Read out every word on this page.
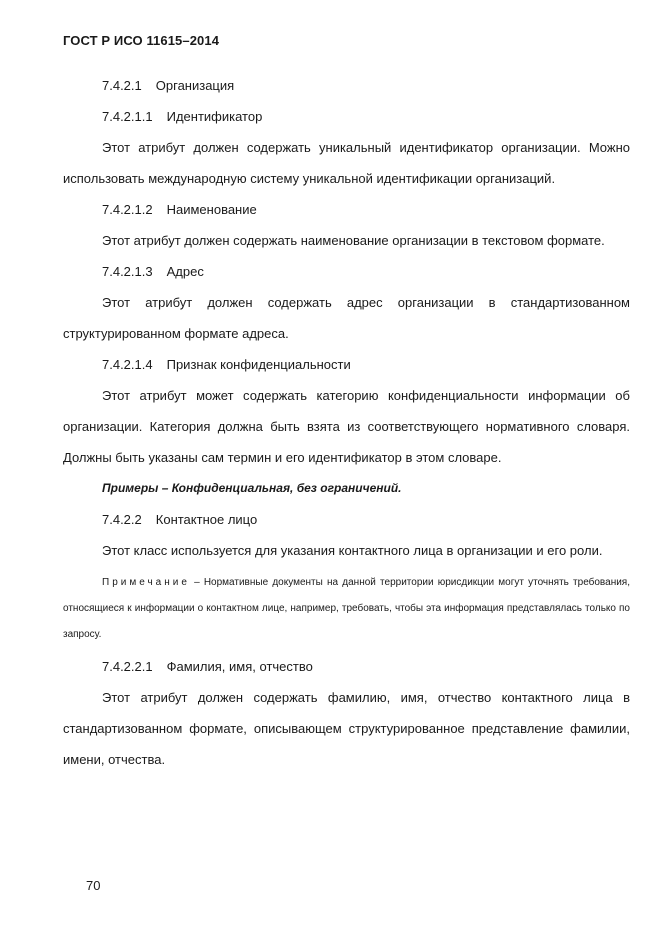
ГОСТ Р ИСО 11615–2014
7.4.2.1 Организация
7.4.2.1.1 Идентификатор

Этот атрибут должен содержать уникальный идентификатор организации. Можно использовать международную систему уникальной идентификации организаций.

7.4.2.1.2 Наименование

Этот атрибут должен содержать наименование организации в текстовом формате.

7.4.2.1.3 Адрес

Этот атрибут должен содержать адрес организации в стандартизованном структурированном формате адреса.

7.4.2.1.4 Признак конфиденциальности

Этот атрибут может содержать категорию конфиденциальности информации об организации. Категория должна быть взята из соответствующего нормативного словаря. Должны быть указаны сам термин и его идентификатор в этом словаре.

Примеры – Конфиденциальная, без ограничений.
7.4.2.2 Контактное лицо

Этот класс используется для указания контактного лица в организации и его роли.

Примечание – Нормативные документы на данной территории юрисдикции могут уточнять требования, относящиеся к информации о контактном лице, например, требовать, чтобы эта информация представлялась только по запросу.

7.4.2.2.1 Фамилия, имя, отчество

Этот атрибут должен содержать фамилию, имя, отчество контактного лица в стандартизованном формате, описывающем структурированное представление фамилии, имени, отчества.

70
